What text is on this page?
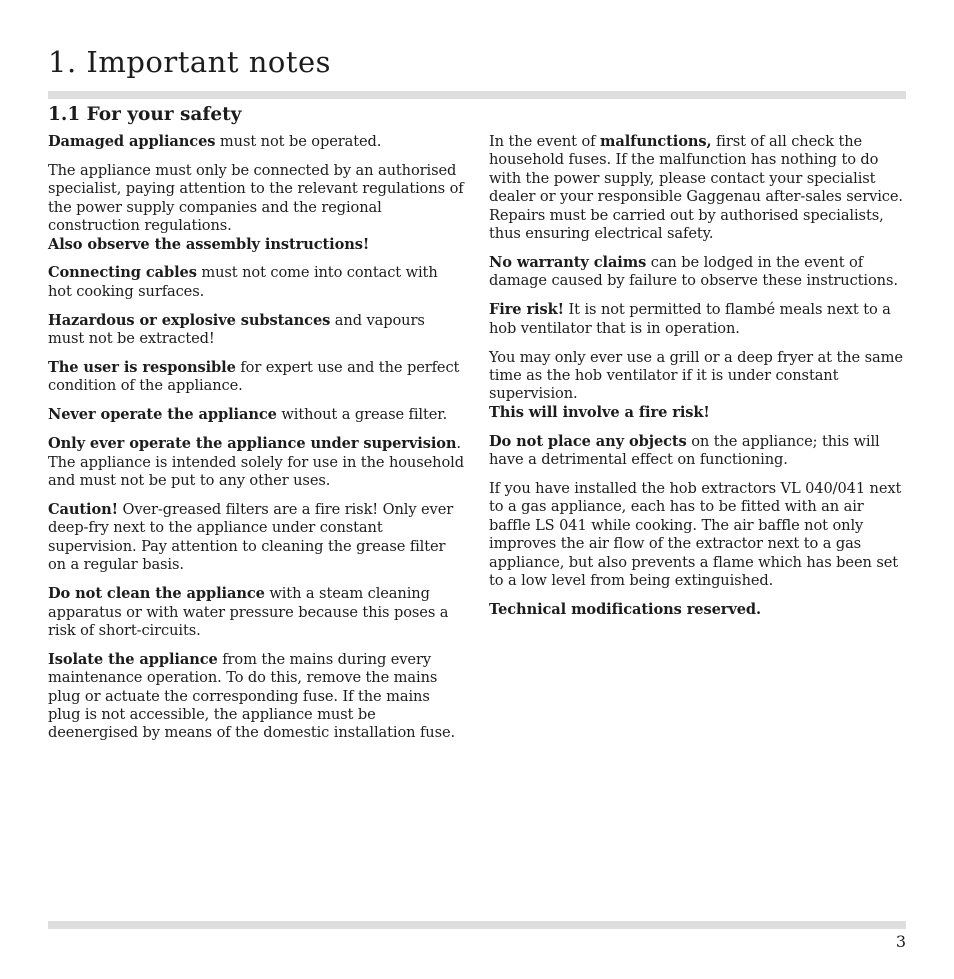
1. Important notes
1.1 For your safety

Damaged appliances must not be operated.

The appliance must only be connected by an authorised specialist, paying attention to the relevant regulations of the power supply companies and the regional construction regulations.
Also observe the assembly instructions!

Connecting cables must not come into contact with hot cooking surfaces.

Hazardous or explosive substances and vapours must not be extracted!

The user is responsible for expert use and the perfect condition of the appliance.

Never operate the appliance without a grease filter.

Only ever operate the appliance under supervision. The appliance is intended solely for use in the household and must not be put to any other uses.

Caution! Over-greased filters are a fire risk! Only ever deep-fry next to the appliance under constant supervision. Pay attention to cleaning the grease filter on a regular basis.

Do not clean the appliance with a steam cleaning apparatus or with water pressure because this poses a risk of short-circuits.

Isolate the appliance from the mains during every maintenance operation. To do this, remove the mains plug or actuate the corresponding fuse. If the mains plug is not accessible, the appliance must be deenergised by means of the domestic installation fuse.

In the event of malfunctions, first of all check the household fuses. If the malfunction has nothing to do with the power supply, please contact your specialist dealer or your responsible Gaggenau after-sales service. Repairs must be carried out by authorised specialists, thus ensuring electrical safety.

No warranty claims can be lodged in the event of damage caused by failure to observe these instructions.

Fire risk! It is not permitted to flambé meals next to a hob ventilator that is in operation.

You may only ever use a grill or a deep fryer at the same time as the hob ventilator if it is under constant supervision.
This will involve a fire risk!

Do not place any objects on the appliance; this will have a detrimental effect on functioning.

If you have installed the hob extractors VL 040/041 next to a gas appliance, each has to be fitted with an air baffle LS 041 while cooking. The air baffle not only improves the air flow of the extractor next to a gas appliance, but also prevents a flame which has been set to a low level from being extinguished.

Technical modifications reserved.

3
